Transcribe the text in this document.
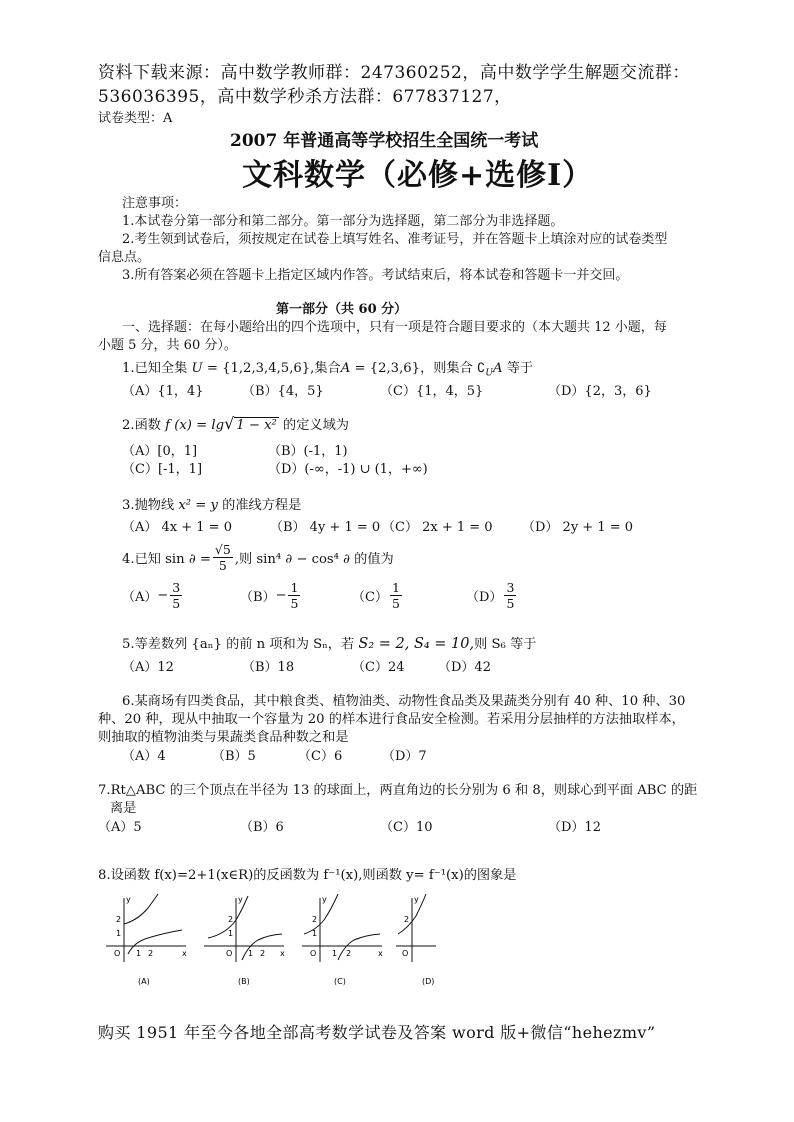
资料下载来源：高中数学教师群：247360252，高中数学学生解题交流群：
536036395，高中数学秒杀方法群：677837127，
试卷类型：A
2007 年普通高等学校招生全国统一考试
文科数学（必修+选修Ⅰ）
注意事项：
1.本试卷分第一部分和第二部分。第一部分为选择题，第二部分为非选择题。
2.考生领到试卷后，须按规定在试卷上填写姓名、准考证号，并在答题卡上填涂对应的试卷类型
信息点。
3.所有答案必须在答题卡上指定区域内作答。考试结束后，将本试卷和答题卡一并交回。
第一部分（共 60 分）
一、选择题：在每小题给出的四个选项中，只有一项是符合题目要求的（本大题共 12 小题，每
小题 5 分，共 60 分）。
1.已知全集 U = {1,2,3,4,5,6},集合A = {2,3,6}，则集合 $∁_UA$ 等于
（A）{1，4}	（B）{4，5}	（C）{1，4，5}	（D）{2，3，6}
2.函数 f (x) = lg √ 1 − x² 的定义域为
（A）[0，1]	（B）(-1，1)
（C）[-1，1]	（D）(-∞，-1) ∪ (1，+∞)
3.抛物线 x² = y 的准线方程是
（A） 4x + 1 = 0	（B） 4y + 1 = 0 （C） 2x + 1 = 0 （D） 2y + 1 = 0
4.已知 sin ∂ = $\frac{√5}{5}$ ,则 sin⁴ ∂ − cos⁴ ∂ 的值为
$(A) - \frac{3}{5}$	$(B) - \frac{1}{5}$	$(C) \frac{1}{5}$	$(D) \frac{3}{5}$
5.等差数列 {aₙ} 的前 n 项和为 Sₙ，若 S₂ = 2, S₄ = 10,则 S₆ 等于
（A）12	（B）18	（C）24	（D）42
6.某商场有四类食品，其中粮食类、植物油类、动物性食品类及果蔬类分别有 40 种、10 种、30
种、20 种，现从中抽取一个容量为 20 的样本进行食品安全检测。若采用分层抽样的方法抽取样本，
则抽取的植物油类与果蔬类食品种数之和是
（A）4	（B）5	（C）6	（D）7
7.Rt△ABC 的三个顶点在半径为 13 的球面上，两直角边的长分别为 6 和 8，则球心到平面 ABC 的距
离是
（A）5	（B）6	（C）10	（D）12
8.设函数 f(x)=2+1(x∈R)的反函数为 f⁻¹(x),则函数 y= f⁻¹(x)的图象是
y
x
O
2
1
1 2
(A)
y
x
O
2
1
1 2
(B)
y
x
O
2
1
1 2
(C)
y
O
2
(D)
购买 1951 年至今各地全部高考数学试卷及答案 word 版+微信“hehezmv”
